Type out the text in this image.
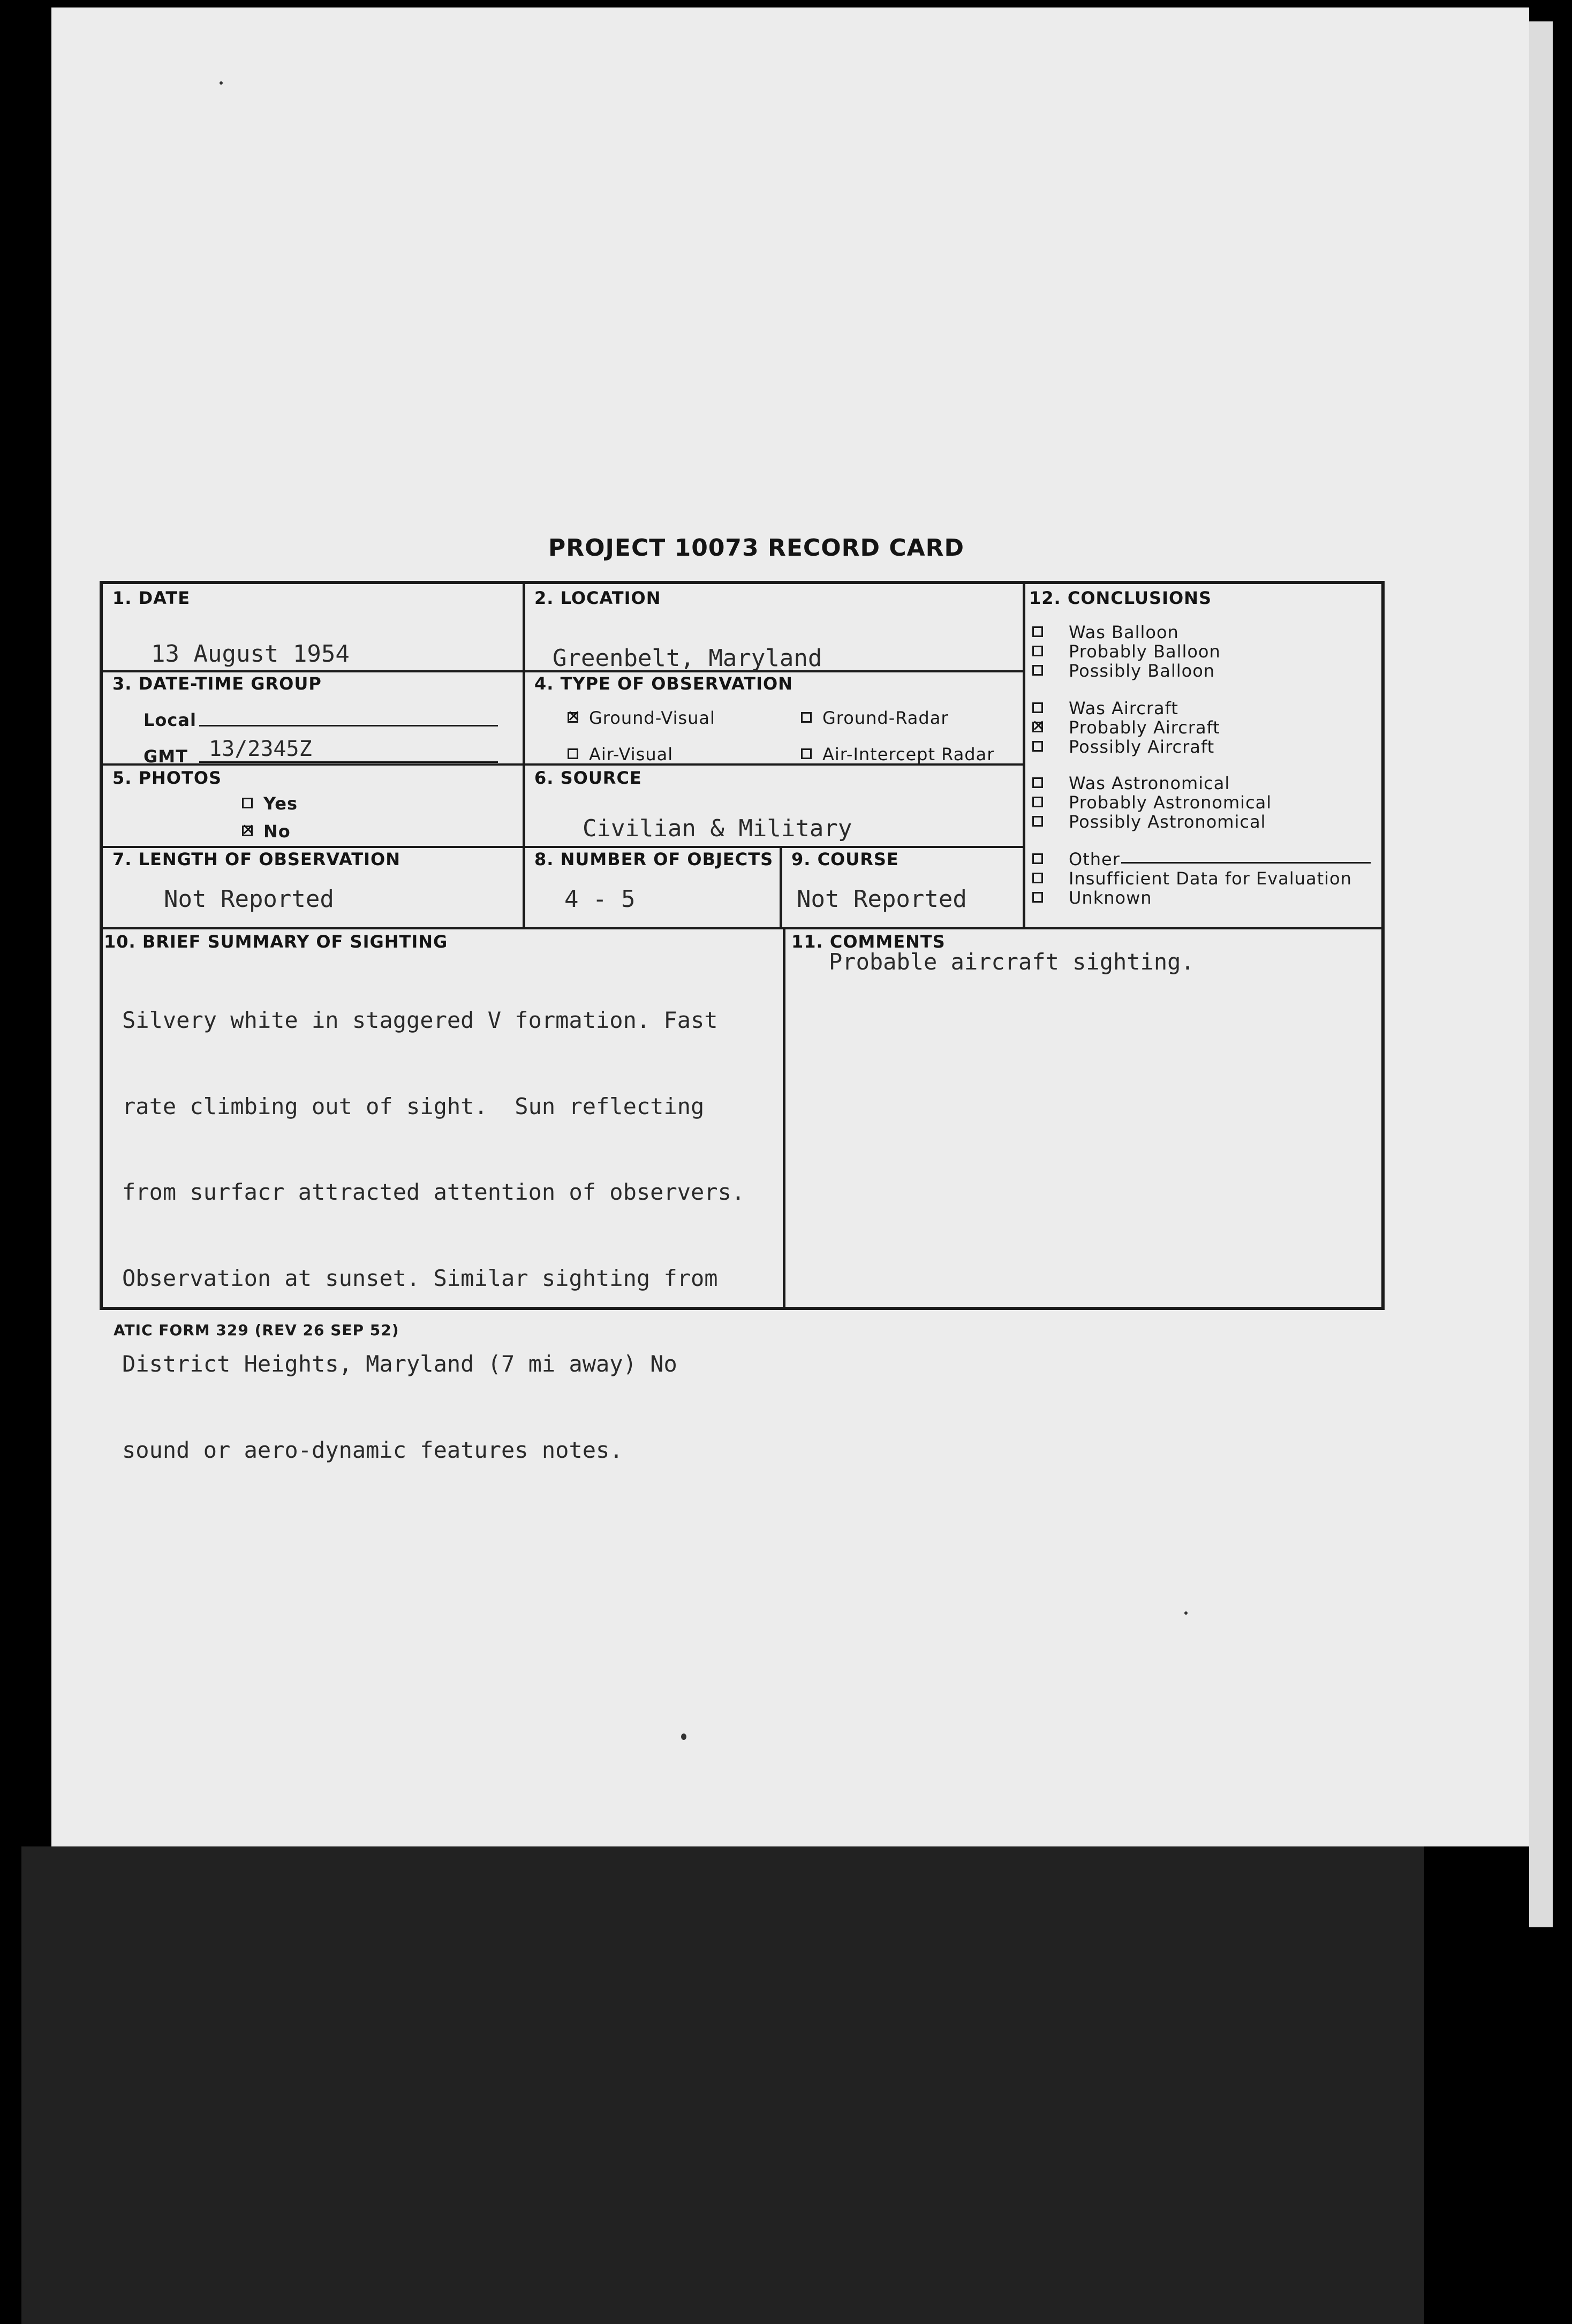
PROJECT 10073 RECORD CARD
1. DATE
13 August 1954
2. LOCATION
Greenbelt, Maryland
3. DATE-TIME GROUP
Local
GMT 13/2345Z
4. TYPE OF OBSERVATION
✕
Ground-Visual	Ground-Radar
Air-Visual	Air-Intercept Radar
5. PHOTOS
Yes
✕
No
6. SOURCE
Civilian & Military
7. LENGTH OF OBSERVATION
Not Reported
8. NUMBER OF OBJECTS
4 - 5
9. COURSE
Not Reported
12. CONCLUSIONS
Was Balloon
Probably Balloon
Possibly Balloon
Was Aircraft
✕
Probably Aircraft
Possibly Aircraft
Was Astronomical
Probably Astronomical
Possibly Astronomical
Other
Insufficient Data for Evaluation
Unknown
10. BRIEF SUMMARY OF SIGHTING

Silvery white in staggered V formation. Fast

rate climbing out of sight.  Sun reflecting

from surfacr attracted attention of observers.

Observation at sunset. Similar sighting from

District Heights, Maryland (7 mi away) No

sound or aero-dynamic features notes.

11. COMMENTS
Probable aircraft sighting.
ATIC FORM 329 (REV 26 SEP 52)
